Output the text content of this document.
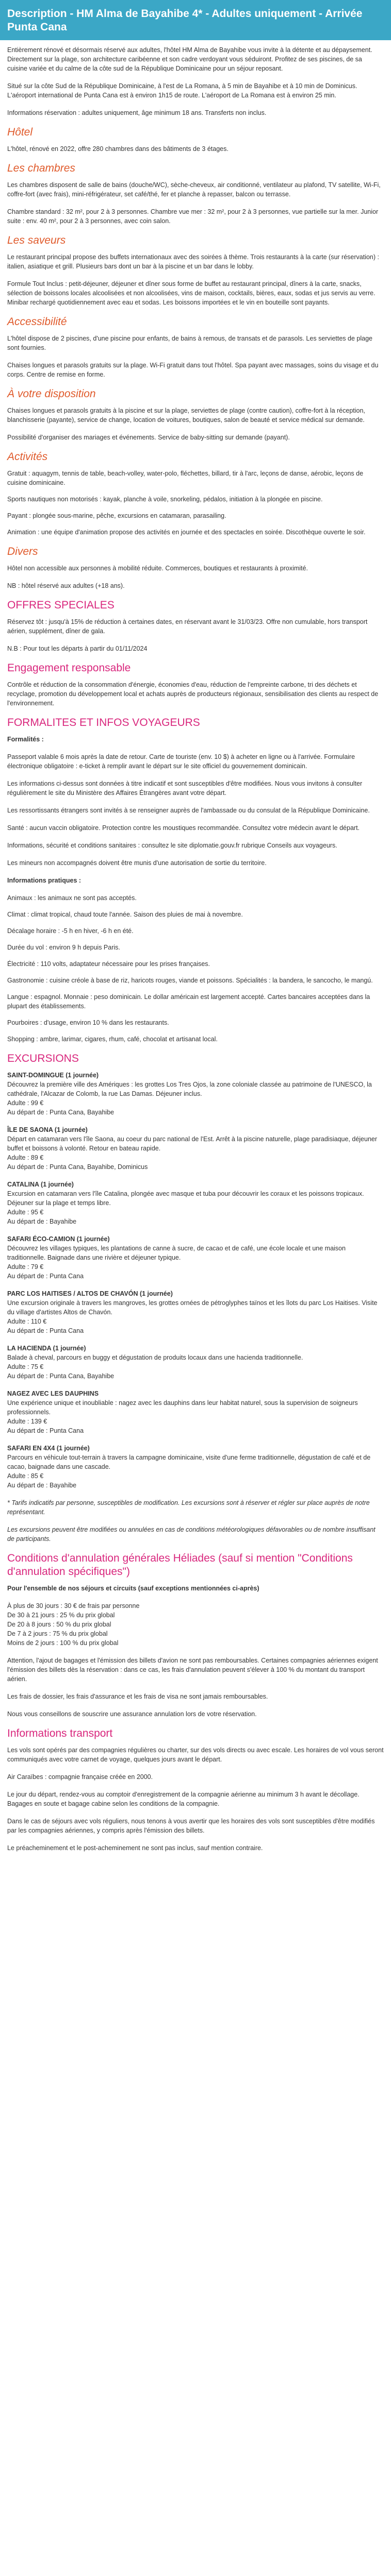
Description - HM Alma de Bayahibe 4* - Adultes uniquement - Arrivée Punta Cana

Entièrement rénové et désormais réservé aux adultes, l'hôtel HM Alma de Bayahibe vous invite à la détente et au dépaysement. Directement sur la plage, son architecture caribéenne et son cadre verdoyant vous séduiront. Profitez de ses piscines, de sa cuisine variée et du calme de la côte sud de la République Dominicaine pour un séjour reposant.

Situé sur la côte Sud de la République Dominicaine, à l'est de La Romana, à 5 min de Bayahibe et à 10 min de Dominicus. L'aéroport international de Punta Cana est à environ 1h15 de route. L'aéroport de La Romana est à environ 25 min.

Informations réservation : adultes uniquement, âge minimum 18 ans. Transferts non inclus.

Hôtel

L'hôtel, rénové en 2022, offre 280 chambres dans des bâtiments de 3 étages.

Les chambres

Les chambres disposent de salle de bains (douche/WC), sèche-cheveux, air conditionné, ventilateur au plafond, TV satellite, Wi-Fi, coffre-fort (avec frais), mini-réfrigérateur, set café/thé, fer et planche à repasser, balcon ou terrasse.

Chambre standard : 32 m², pour 2 à 3 personnes. Chambre vue mer : 32 m², pour 2 à 3 personnes, vue partielle sur la mer. Junior suite : env. 40 m², pour 2 à 3 personnes, avec coin salon.

Les saveurs

Le restaurant principal propose des buffets internationaux avec des soirées à thème. Trois restaurants à la carte (sur réservation) : italien, asiatique et grill. Plusieurs bars dont un bar à la piscine et un bar dans le lobby.

Formule Tout Inclus : petit-déjeuner, déjeuner et dîner sous forme de buffet au restaurant principal, dîners à la carte, snacks, sélection de boissons locales alcoolisées et non alcoolisées, vins de maison, cocktails, bières, eaux, sodas et jus servis au verre. Minibar rechargé quotidiennement avec eau et sodas. Les boissons importées et le vin en bouteille sont payants.

Accessibilité

L'hôtel dispose de 2 piscines, d'une piscine pour enfants, de bains à remous, de transats et de parasols. Les serviettes de plage sont fournies.

Chaises longues et parasols gratuits sur la plage. Wi-Fi gratuit dans tout l'hôtel. Spa payant avec massages, soins du visage et du corps. Centre de remise en forme.

À votre disposition

Chaises longues et parasols gratuits à la piscine et sur la plage, serviettes de plage (contre caution), coffre-fort à la réception, blanchisserie (payante), service de change, location de voitures, boutiques, salon de beauté et service médical sur demande.

Possibilité d'organiser des mariages et événements. Service de baby-sitting sur demande (payant).

Activités
Gratuit : aquagym, tennis de table, beach-volley, water-polo, fléchettes, billard, tir à l'arc, leçons de danse, aérobic, leçons de cuisine dominicaine.
Sports nautiques non motorisés : kayak, planche à voile, snorkeling, pédalos, initiation à la plongée en piscine.
Payant : plongée sous-marine, pêche, excursions en catamaran, parasailing.
Animation : une équipe d'animation propose des activités en journée et des spectacles en soirée. Discothèque ouverte le soir.
Divers

Hôtel non accessible aux personnes à mobilité réduite. Commerces, boutiques et restaurants à proximité.

NB : hôtel réservé aux adultes (+18 ans).

OFFRES SPECIALES

Réservez tôt : jusqu'à 15% de réduction à certaines dates, en réservant avant le 31/03/23. Offre non cumulable, hors transport aérien, supplément, dîner de gala.

N.B : Pour tout les départs à partir du 01/11/2024

Engagement responsable

Contrôle et réduction de la consommation d'énergie, économies d'eau, réduction de l'empreinte carbone, tri des déchets et recyclage, promotion du développement local et achats auprès de producteurs régionaux, sensibilisation des clients au respect de l'environnement.

FORMALITES ET INFOS VOYAGEURS

Formalités :

Passeport valable 6 mois après la date de retour. Carte de touriste (env. 10 $) à acheter en ligne ou à l'arrivée. Formulaire électronique obligatoire : e-ticket à remplir avant le départ sur le site officiel du gouvernement dominicain.

Les informations ci-dessus sont données à titre indicatif et sont susceptibles d'être modifiées. Nous vous invitons à consulter régulièrement le site du Ministère des Affaires Étrangères avant votre départ.

Les ressortissants étrangers sont invités à se renseigner auprès de l'ambassade ou du consulat de la République Dominicaine.

Santé : aucun vaccin obligatoire. Protection contre les moustiques recommandée. Consultez votre médecin avant le départ.

Informations, sécurité et conditions sanitaires : consultez le site diplomatie.gouv.fr rubrique Conseils aux voyageurs.

Les mineurs non accompagnés doivent être munis d'une autorisation de sortie du territoire.

Informations pratiques :

Animaux : les animaux ne sont pas acceptés.
Climat : climat tropical, chaud toute l'année. Saison des pluies de mai à novembre.
Décalage horaire : -5 h en hiver, -6 h en été.
Durée du vol : environ 9 h depuis Paris.
Électricité : 110 volts, adaptateur nécessaire pour les prises françaises.
Gastronomie : cuisine créole à base de riz, haricots rouges, viande et poissons. Spécialités : la bandera, le sancocho, le mangú.
Langue : espagnol. Monnaie : peso dominicain. Le dollar américain est largement accepté. Cartes bancaires acceptées dans la plupart des établissements.
Pourboires : d'usage, environ 10 % dans les restaurants.
Shopping : ambre, larimar, cigares, rhum, café, chocolat et artisanat local.
EXCURSIONS
SAINT-DOMINGUE (1 journée)

Découvrez la première ville des Amériques : les grottes Los Tres Ojos, la zone coloniale classée au patrimoine de l'UNESCO, la cathédrale, l'Alcazar de Colomb, la rue Las Damas. Déjeuner inclus.

Adulte : 99 €

Au départ de : Punta Cana, Bayahibe

ÎLE DE SAONA (1 journée)

Départ en catamaran vers l'île Saona, au coeur du parc national de l'Est. Arrêt à la piscine naturelle, plage paradisiaque, déjeuner buffet et boissons à volonté. Retour en bateau rapide.

Adulte : 89 €

Au départ de : Punta Cana, Bayahibe, Dominicus

CATALINA (1 journée)

Excursion en catamaran vers l'île Catalina, plongée avec masque et tuba pour découvrir les coraux et les poissons tropicaux. Déjeuner sur la plage et temps libre.

Adulte : 95 €

Au départ de : Bayahibe

SAFARI ÉCO-CAMION (1 journée)

Découvrez les villages typiques, les plantations de canne à sucre, de cacao et de café, une école locale et une maison traditionnelle. Baignade dans une rivière et déjeuner typique.

Adulte : 79 €

Au départ de : Punta Cana

PARC LOS HAITISES / ALTOS DE CHAVÓN (1 journée)

Une excursion originale à travers les mangroves, les grottes ornées de pétroglyphes taïnos et les îlots du parc Los Haitises. Visite du village d'artistes Altos de Chavón.

Adulte : 110 €

Au départ de : Punta Cana

LA HACIENDA (1 journée)

Balade à cheval, parcours en buggy et dégustation de produits locaux dans une hacienda traditionnelle.

Adulte : 75 €

Au départ de : Punta Cana, Bayahibe

NAGEZ AVEC LES DAUPHINS

Une expérience unique et inoubliable : nagez avec les dauphins dans leur habitat naturel, sous la supervision de soigneurs professionnels.

Adulte : 139 €

Au départ de : Punta Cana

SAFARI EN 4X4 (1 journée)

Parcours en véhicule tout-terrain à travers la campagne dominicaine, visite d'une ferme traditionnelle, dégustation de café et de cacao, baignade dans une cascade.

Adulte : 85 €

Au départ de : Bayahibe

* Tarifs indicatifs par personne, susceptibles de modification. Les excursions sont à réserver et régler sur place auprès de notre représentant.

Les excursions peuvent être modifiées ou annulées en cas de conditions météorologiques défavorables ou de nombre insuffisant de participants.

Conditions d'annulation générales Héliades (sauf si mention "Conditions d'annulation spécifiques")

Pour l'ensemble de nos séjours et circuits (sauf exceptions mentionnées ci-après)

À plus de 30 jours : 30 € de frais par personne

De 30 à 21 jours : 25 % du prix global

De 20 à 8 jours : 50 % du prix global

De 7 à 2 jours : 75 % du prix global

Moins de 2 jours : 100 % du prix global

Attention, l'ajout de bagages et l'émission des billets d'avion ne sont pas remboursables. Certaines compagnies aériennes exigent l'émission des billets dès la réservation : dans ce cas, les frais d'annulation peuvent s'élever à 100 % du montant du transport aérien.

Les frais de dossier, les frais d'assurance et les frais de visa ne sont jamais remboursables.

Nous vous conseillons de souscrire une assurance annulation lors de votre réservation.

Informations transport

Les vols sont opérés par des compagnies régulières ou charter, sur des vols directs ou avec escale. Les horaires de vol vous seront communiqués avec votre carnet de voyage, quelques jours avant le départ.

Air Caraïbes : compagnie française créée en 2000.

Le jour du départ, rendez-vous au comptoir d'enregistrement de la compagnie aérienne au minimum 3 h avant le décollage. Bagages en soute et bagage cabine selon les conditions de la compagnie.

Dans le cas de séjours avec vols réguliers, nous tenons à vous avertir que les horaires des vols sont susceptibles d'être modifiés par les compagnies aériennes, y compris après l'émission des billets.

Le préacheminement et le post-acheminement ne sont pas inclus, sauf mention contraire.
